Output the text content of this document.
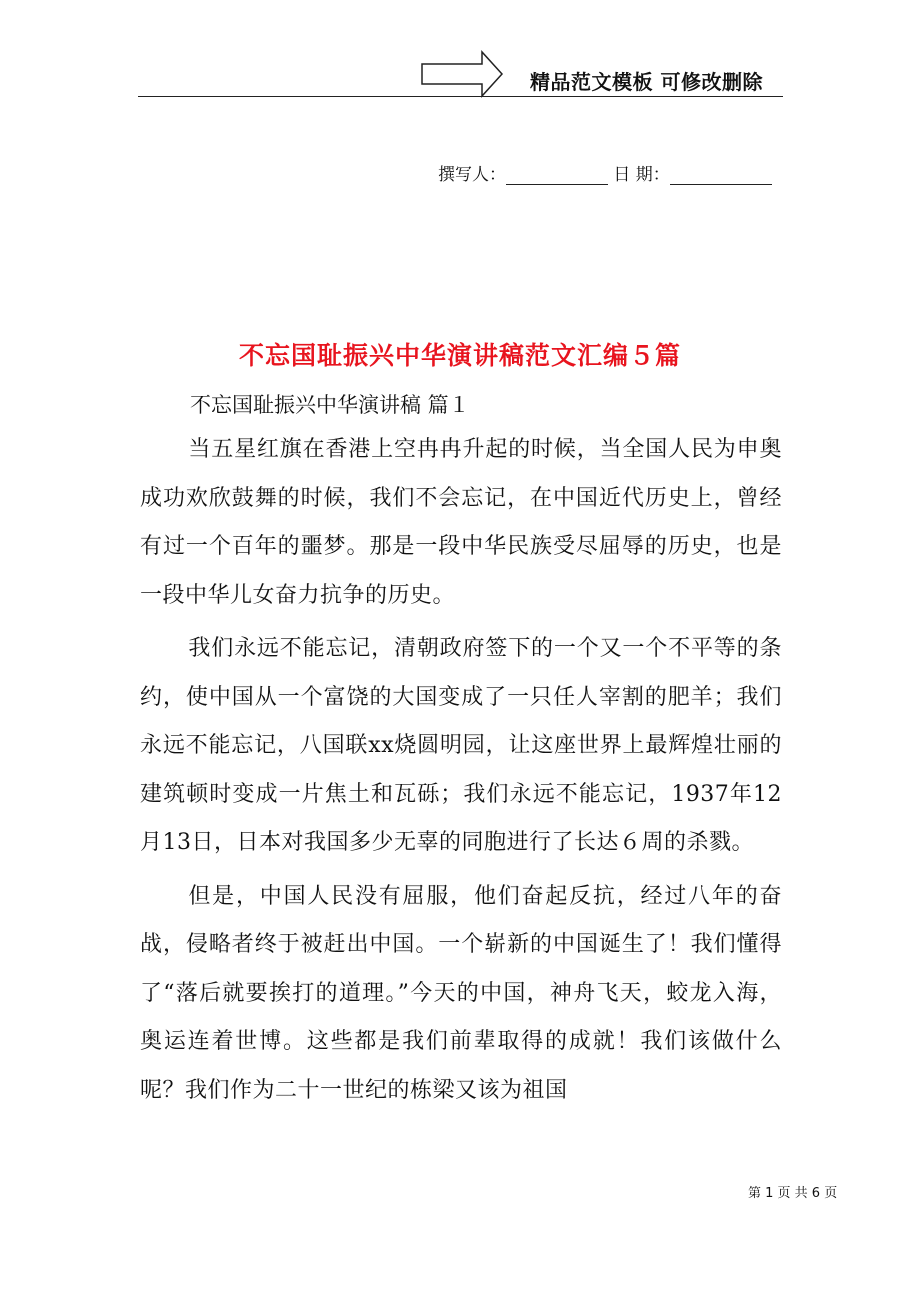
精品范文模板 可修改删除
撰写人：	日 期：
不忘国耻振兴中华演讲稿范文汇编５篇

不忘国耻振兴中华演讲稿 篇１

当五星红旗在香港上空冉冉升起的时候，当全国人民为申奥成功欢欣鼓舞的时候，我们不会忘记，在中国近代历史上，曾经有过一个百年的噩梦。那是一段中华民族受尽屈辱的历史，也是一段中华儿女奋力抗争的历史。

我们永远不能忘记，清朝政府签下的一个又一个不平等的条约，使中国从一个富饶的大国变成了一只任人宰割的肥羊；我们永远不能忘记，八国联xx烧圆明园，让这座世界上最辉煌壮丽的建筑顿时变成一片焦土和瓦砾；我们永远不能忘记，1937年12月13日，日本对我国多少无辜的同胞进行了长达６周的杀戮。

但是，中国人民没有屈服，他们奋起反抗，经过八年的奋战，侵略者终于被赶出中国。一个崭新的中国诞生了！我们懂得了“落后就要挨打的道理。”今天的中国，神舟飞天，蛟龙入海，奥运连着世博。这些都是我们前辈取得的成就！我们该做什么呢？我们作为二十一世纪的栋梁又该为祖国

第 1 页 共 6 页
